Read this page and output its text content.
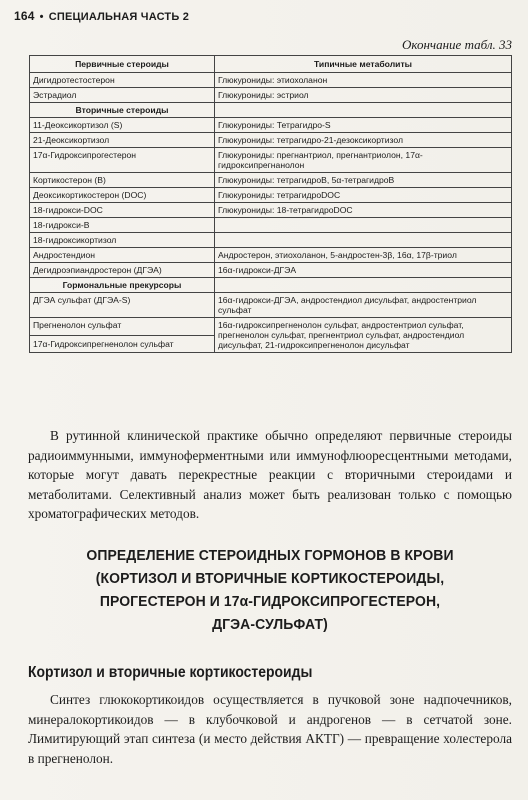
164 • СПЕЦИАЛЬНАЯ ЧАСТЬ 2
Окончание табл. 33
Первичные стероиды	Типичные метаболиты
Дигидротестостерон	Глюкурониды: этиохоланон
Эстрадиол	Глюкурониды: эстриол
Вторичные стероиды	
11-Деоксикортизол (S)	Глюкурониды: Тетрагидро-S
21-Деоксикортизол	Глюкурониды: тетрагидро-21-дезоксикортизол
17α-Гидроксипрогестерон	Глюкурониды: прегнантриол, прегнантриолон, 17α-гидроксипрегнанолон
Кортикостерон (В)	Глюкурониды: тетрагидроВ, 5α-тетрагидроВ
Деоксикортикостерон (DOC)	Глюкурониды: тетрагидроDOC
18-гидрокси-DOC	Глюкурониды: 18-тетрагидроDOC
18-гидрокси-В	
18-гидроксикортизол	
Андростендион	Андростерон, этиохоланон, 5-андростен-3β, 16α, 17β-триол
Дегидроэпиандростерон (ДГЭА)	16α-гидрокси-ДГЭА
Гормональные прекурсоры	
ДГЭА сульфат (ДГЭА-S)	16α-гидрокси-ДГЭА, андростендиол дисульфат, андростентриол сульфат
Прегненолон сульфат	16α-гидроксипрегненолон сульфат, андростентриол сульфат, прегненолон сульфат, прегнентриол сульфат, андростендиол дисульфат, 21-гидроксипрегненолон дисульфат
17α-Гидроксипрегненолон сульфат	
В рутинной клинической практике обычно определяют первичные стероиды радиоиммунными, иммуноферментными или иммунофлюоресцентными методами, которые могут давать перекрестные реакции с вторичными стероидами и метаболитами. Селективный анализ может быть реализован только с помощью хроматографических методов.
ОПРЕДЕЛЕНИЕ СТЕРОИДНЫХ ГОРМОНОВ В КРОВИ
(КОРТИЗОЛ И ВТОРИЧНЫЕ КОРТИКОСТЕРОИДЫ,
ПРОГЕСТЕРОН И 17α-ГИДРОКСИПРОГЕСТЕРОН,
ДГЭА-СУЛЬФАТ)
Кортизол и вторичные кортикостероиды
Синтез глюкокортикоидов осуществляется в пучковой зоне надпочечников, минералокортикоидов — в клубочковой и андрогенов — в сетчатой зоне. Лимитирующий этап синтеза (и место действия АКТГ) — превращение холестерола в прегненолон.
